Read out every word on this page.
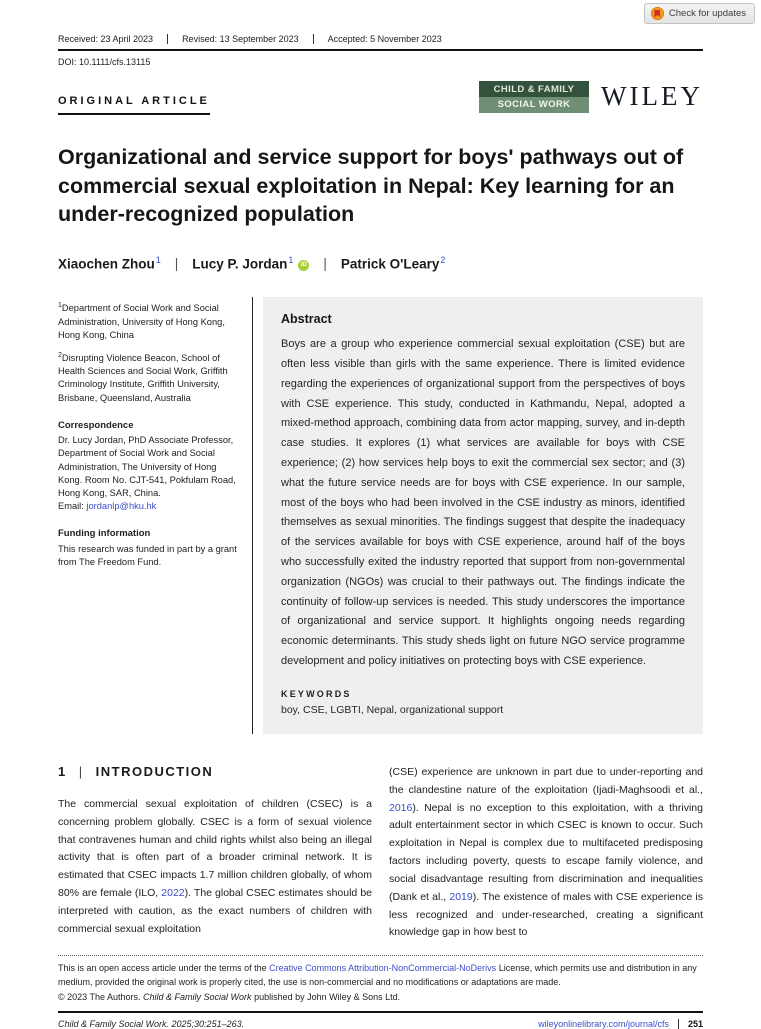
Check for updates
Received: 23 April 2023	Revised: 13 September 2023	Accepted: 5 November 2023
DOI: 10.1111/cfs.13115
ORIGINAL ARTICLE
CHILD & FAMILY
SOCIAL WORK	WILEY
Organizational and service support for boys' pathways out of commercial sexual exploitation in Nepal: Key learning for an under-recognized population
Xiaochen Zhou$^1$ | Lucy P. Jordan$^1$iD | Patrick O'Leary$^2$

$^1$Department of Social Work and Social Administration, University of Hong Kong, Hong Kong, China

$^2$Disrupting Violence Beacon, School of Health Sciences and Social Work, Griffith Criminology Institute, Griffith University, Brisbane, Queensland, Australia

Correspondence
Dr. Lucy Jordan, PhD Associate Professor, Department of Social Work and Social Administration, The University of Hong Kong. Room No. CJT-541, Pokfulam Road, Hong Kong, SAR, China.
Email: jordanlp@hku.hk
Funding information
This research was funded in part by a grant from The Freedom Fund.
Abstract
Boys are a group who experience commercial sexual exploitation (CSE) but are often less visible than girls with the same experience. There is limited evidence regarding the experiences of organizational support from the perspectives of boys with CSE experience. This study, conducted in Kathmandu, Nepal, adopted a mixed-method approach, combining data from actor mapping, survey, and in-depth case studies. It explores (1) what services are available for boys with CSE experience; (2) how services help boys to exit the commercial sex sector; and (3) what the future service needs are for boys with CSE experience. In our sample, most of the boys who had been involved in the CSE industry as minors, identified themselves as sexual minorities. The findings suggest that despite the inadequacy of the services available for boys with CSE experience, around half of the boys who successfully exited the industry reported that support from non-governmental organization (NGOs) was crucial to their pathways out. The findings indicate the continuity of follow-up services is needed. This study underscores the importance of organizational and service support. It highlights ongoing needs regarding economic determinants. This study sheds light on future NGO service programme development and policy initiatives on protecting boys with CSE experience.
KEYWORDS
boy, CSE, LGBTI, Nepal, organizational support
1 | INTRODUCTION

The commercial sexual exploitation of children (CSEC) is a concerning problem globally. CSEC is a form of sexual violence that contravenes human and child rights whilst also being an illegal activity that is often part of a broader criminal network. It is estimated that CSEC impacts 1.7 million children globally, of whom 80% are female (ILO, 2022). The global CSEC estimates should be interpreted with caution, as the exact numbers of children with commercial sexual exploitation

(CSE) experience are unknown in part due to under-reporting and the clandestine nature of the exploitation (Ijadi-Maghsoodi et al., 2016). Nepal is no exception to this exploitation, with a thriving adult entertainment sector in which CSEC is known to occur. Such exploitation in Nepal is complex due to multifaceted predisposing factors including poverty, quests to escape family violence, and social disadvantage resulting from discrimination and inequalities (Dank et al., 2019). The existence of males with CSE experience is less recognized and under-researched, creating a significant knowledge gap in how best to

This is an open access article under the terms of the Creative Commons Attribution-NonCommercial-NoDerivs License, which permits use and distribution in any medium, provided the original work is properly cited, the use is non-commercial and no modifications or adaptations are made.
© 2023 The Authors. Child & Family Social Work published by John Wiley & Sons Ltd.
Child & Family Social Work. 2025;30:251–263.	wileyonlinelibrary.com/journal/cfs	251
